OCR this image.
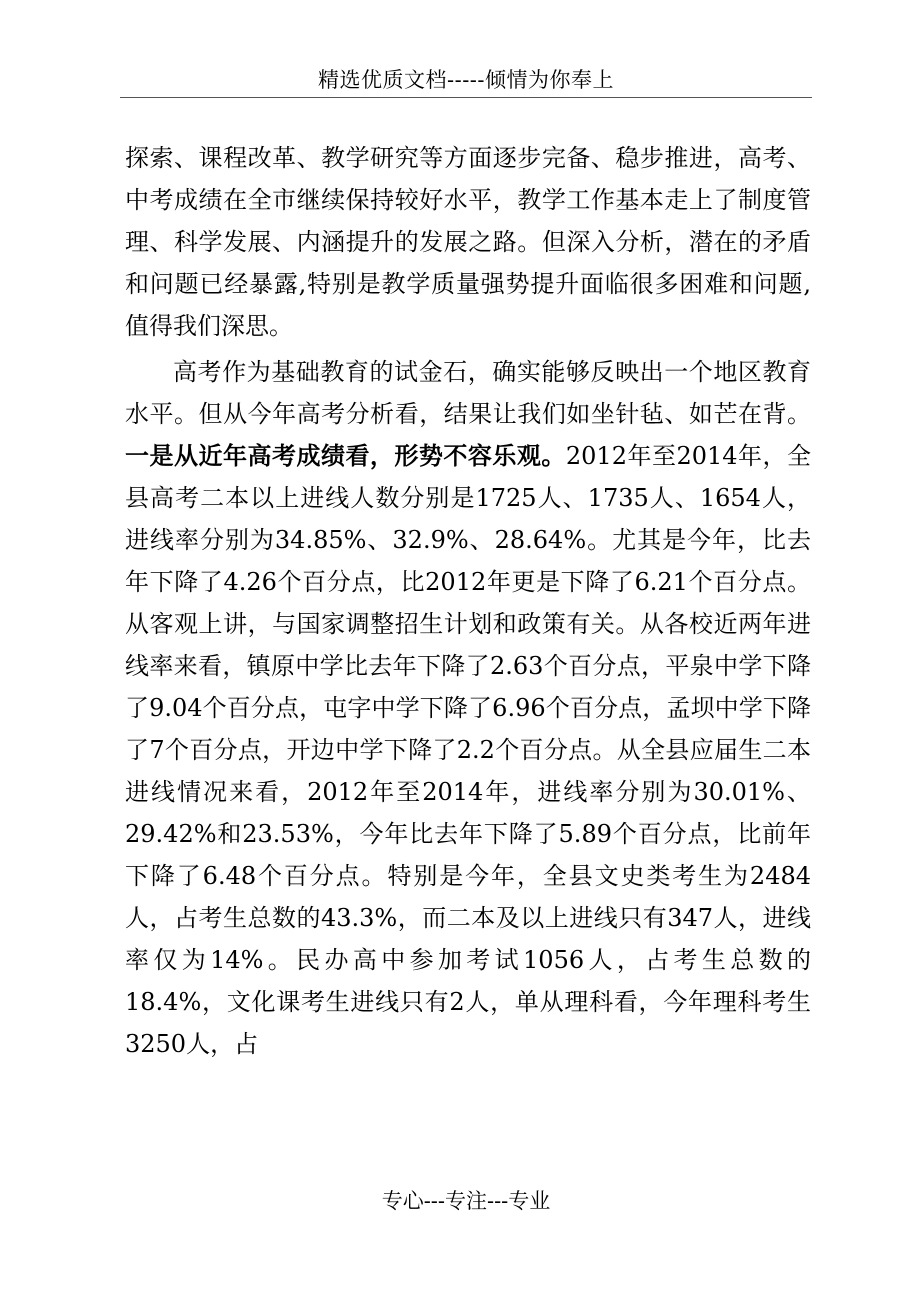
精选优质文档-----倾情为你奉上

探索、课程改革、教学研究等方面逐步完备、稳步推进，高考、中考成绩在全市继续保持较好水平，教学工作基本走上了制度管理、科学发展、内涵提升的发展之路。但深入分析，潜在的矛盾和问题已经暴露,特别是教学质量强势提升面临很多困难和问题,值得我们深思。

高考作为基础教育的试金石，确实能够反映出一个地区教育水平。但从今年高考分析看，结果让我们如坐针毡、如芒在背。一是从近年高考成绩看，形势不容乐观。2012年至2014年，全县高考二本以上进线人数分别是1725人、1735人、1654人，进线率分别为34.85%、32.9%、28.64%。尤其是今年，比去年下降了4.26个百分点，比2012年更是下降了6.21个百分点。从客观上讲，与国家调整招生计划和政策有关。从各校近两年进线率来看，镇原中学比去年下降了2.63个百分点，平泉中学下降了9.04个百分点，屯字中学下降了6.96个百分点，孟坝中学下降了7个百分点，开边中学下降了2.2个百分点。从全县应届生二本进线情况来看，2012年至2014年，进线率分别为30.01%、29.42%和23.53%，今年比去年下降了5.89个百分点，比前年下降了6.48个百分点。特别是今年，全县文史类考生为2484人，占考生总数的43.3%，而二本及以上进线只有347人，进线率仅为14%。民办高中参加考试1056人，占考生总数的18.4%，文化课考生进线只有2人，单从理科看，今年理科考生3250人，占

专心---专注---专业
